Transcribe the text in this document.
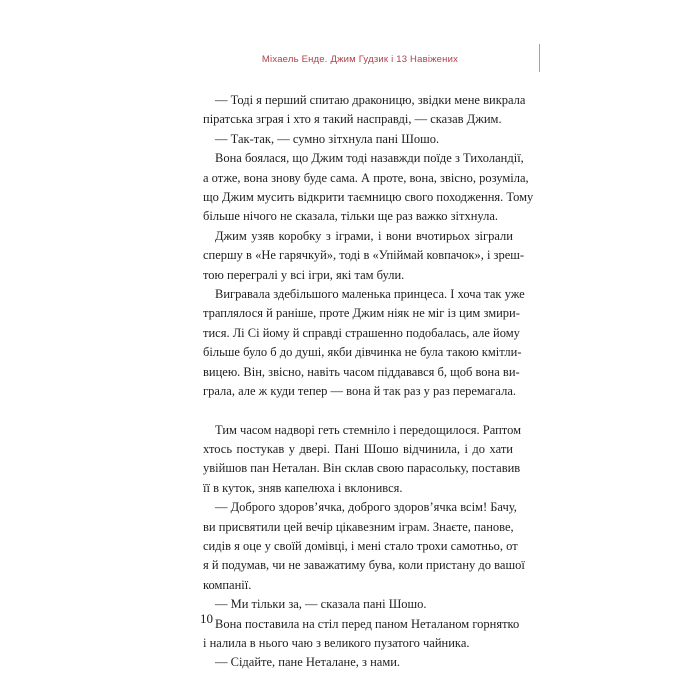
Міхаель Енде. Джим Гудзик і 13 Навіжених
— Тоді я перший спитаю драконицю, звідки мене викрала
піратська зграя і хто я такий насправді, — сказав Джим.
— Так-так, — сумно зітхнула пані Шошо.
Вона боялася, що Джим тоді назавжди поїде з Тихоландії,
а отже, вона знову буде сама. А проте, вона, звісно, розуміла,
що Джим мусить відкрити таємницю свого походження. Тому
більше нічого не сказала, тільки ще раз важко зітхнула.
Джим узяв коробку з іграми, і вони вчотирьох зіграли
спершу в «Не гарячкуй», тоді в «Упіймай ковпачок», і зреш-
тою перегралі у всі ігри, які там були.
Вигравала здебільшого маленька принцеса. І хоча так уже
траплялося й раніше, проте Джим ніяк не міг із цим змири-
тися. Лі Сі йому й справді страшенно подобалась, але йому
більше було б до душі, якби дівчинка не була такою кмітли-
вицею. Він, звісно, навіть часом піддавався б, щоб вона ви-
грала, але ж куди тепер — вона й так раз у раз перемагала.
Тим часом надворі геть стемніло і передощилося. Раптом
хтось постукав у двері. Пані Шошо відчинила, і до хати
увійшов пан Неталан. Він склав свою парасольку, поставив
її в куток, зняв капелюха і вклонився.
— Доброго здоров’ячка, доброго здоров’ячка всім! Бачу,
ви присвятили цей вечір цікавезним іграм. Знаєте, панове,
сидів я оце у своїй домівці, і мені стало трохи самотньо, от
я й подумав, чи не заважатиму бува, коли пристану до вашої
компанії.
— Ми тільки за, — сказала пані Шошо.
Вона поставила на стіл перед паном Неталаном горнятко
і налила в нього чаю з великого пузатого чайника.
— Сідайте, пане Неталане, з нами.
10
